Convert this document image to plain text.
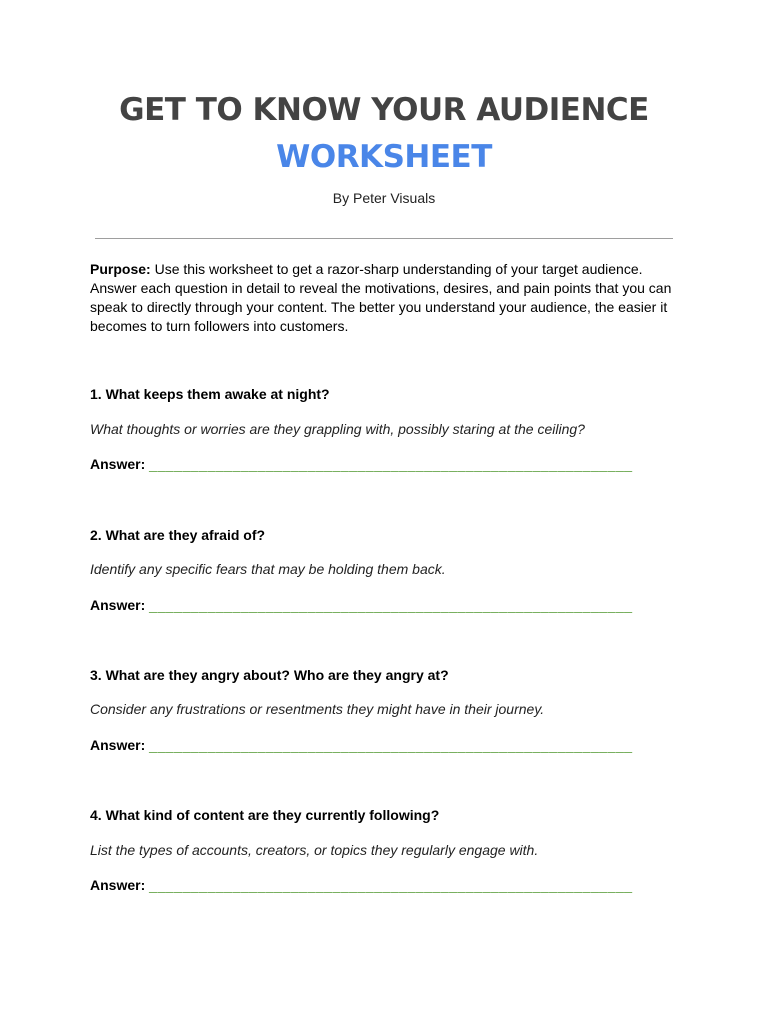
GET TO KNOW YOUR AUDIENCE
WORKSHEET
By Peter Visuals
Purpose: Use this worksheet to get a razor-sharp understanding of your target audience. Answer each question in detail to reveal the motivations, desires, and pain points that you can speak to directly through your content. The better you understand your audience, the easier it becomes to turn followers into customers.
1. What keeps them awake at night?
What thoughts or worries are they grappling with, possibly staring at the ceiling?
Answer: __________________________________________________________
2. What are they afraid of?
Identify any specific fears that may be holding them back.
Answer: __________________________________________________________
3. What are they angry about? Who are they angry at?
Consider any frustrations or resentments they might have in their journey.
Answer: __________________________________________________________
4. What kind of content are they currently following?
List the types of accounts, creators, or topics they regularly engage with.
Answer: __________________________________________________________
